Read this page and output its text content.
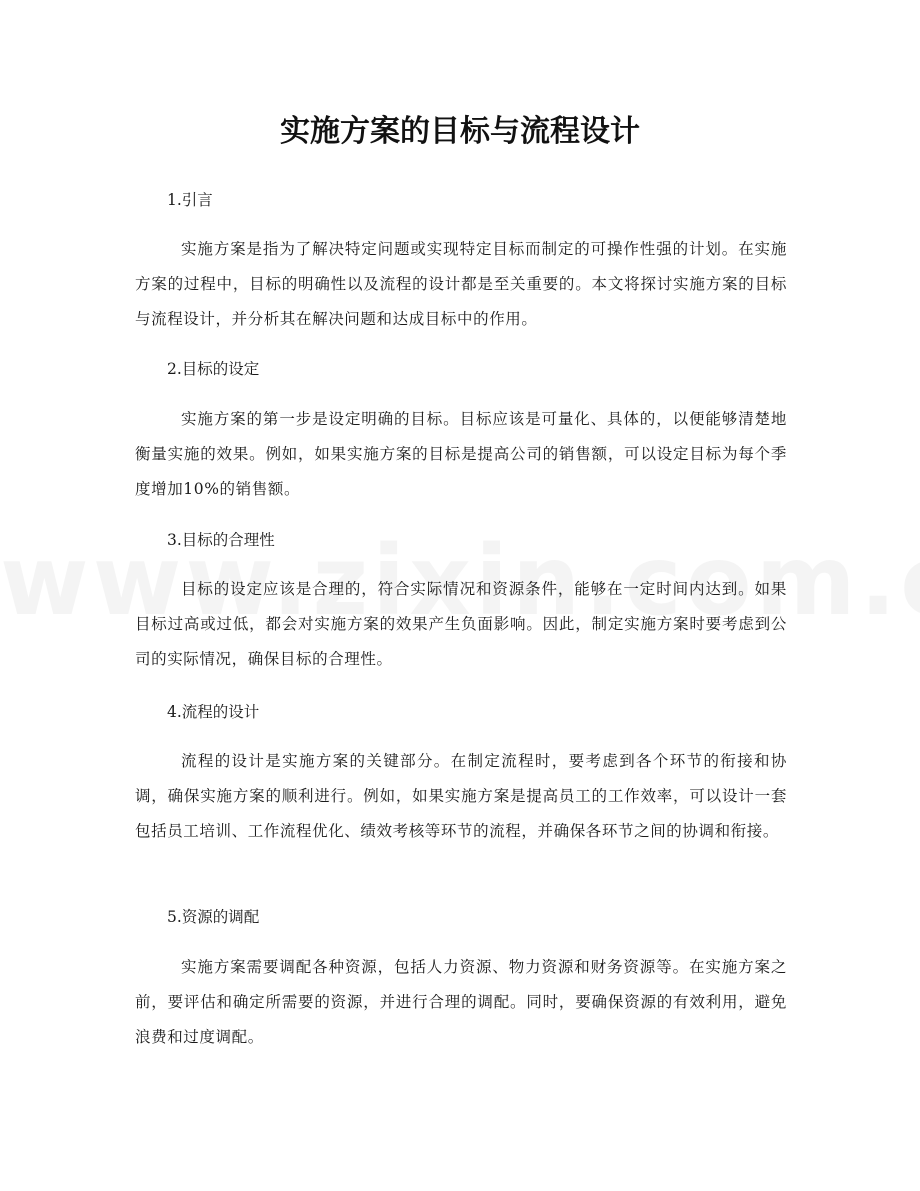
实施方案的目标与流程设计

1.引言

实施方案是指为了解决特定问题或实现特定目标而制定的可操作性强的计划。在实施方案的过程中，目标的明确性以及流程的设计都是至关重要的。本文将探讨实施方案的目标与流程设计，并分析其在解决问题和达成目标中的作用。

2.目标的设定

实施方案的第一步是设定明确的目标。目标应该是可量化、具体的，以便能够清楚地衡量实施的效果。例如，如果实施方案的目标是提高公司的销售额，可以设定目标为每个季度增加10%的销售额。

3.目标的合理性

目标的设定应该是合理的，符合实际情况和资源条件，能够在一定时间内达到。如果目标过高或过低，都会对实施方案的效果产生负面影响。因此，制定实施方案时要考虑到公司的实际情况，确保目标的合理性。

4.流程的设计

流程的设计是实施方案的关键部分。在制定流程时，要考虑到各个环节的衔接和协调，确保实施方案的顺利进行。例如，如果实施方案是提高员工的工作效率，可以设计一套包括员工培训、工作流程优化、绩效考核等环节的流程，并确保各环节之间的协调和衔接。

5.资源的调配

实施方案需要调配各种资源，包括人力资源、物力资源和财务资源等。在实施方案之前，要评估和确定所需要的资源，并进行合理的调配。同时，要确保资源的有效利用，避免浪费和过度调配。
